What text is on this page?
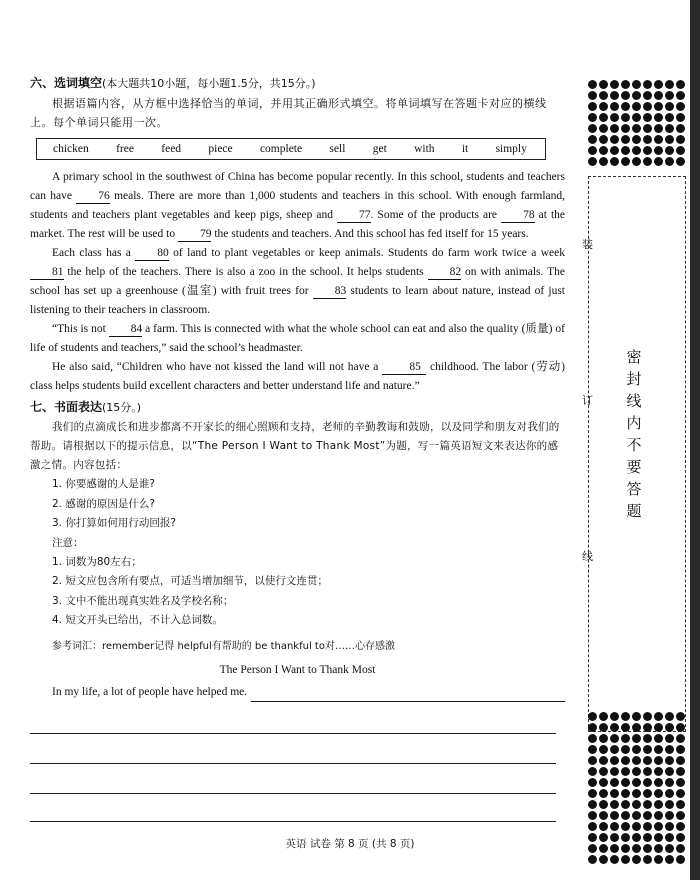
六、选词填空(本大题共10小题，每小题1.5分，共15分。)

根据语篇内容，从方框中选择恰当的单词，并用其正确形式填空。将单词填写在答题卡对应的横线上。每个单词只能用一次。

chicken free feed piece complete sell get with it simply

A primary school in the southwest of China has become popular recently. In this school, students and teachers can have 76 meals. There are more than 1,000 students and teachers in this school. With enough farmland, students and teachers plant vegetables and keep pigs, sheep and 77. Some of the products are 78 at the market. The rest will be used to 79 the students and teachers. And this school has fed itself for 15 years.

Each class has a 80 of land to plant vegetables or keep animals. Students do farm work twice a week 81 the help of the teachers. There is also a zoo in the school. It helps students 82 on with animals. The school has set up a greenhouse (温室) with fruit trees for 83 students to learn about nature, instead of just listening to their teachers in classroom.

“This is not 84 a farm. This is connected with what the whole school can eat and also the quality (质量) of life of students and teachers,” said the school’s headmaster.

He also said, “Children who have not kissed the land will not have a 85 childhood. The labor (劳动) class helps students build excellent characters and better understand life and nature.”

七、书面表达(15分。)

我们的点滴成长和进步都离不开家长的细心照顾和支持，老师的辛勤教诲和鼓励，以及同学和朋友对我们的帮助。请根据以下的提示信息，以“The Person I Want to Thank Most”为题，写一篇英语短文来表达你的感激之情。内容包括：

1. 你要感谢的人是谁?
2. 感谢的原因是什么?
3. 你打算如何用行动回报?
注意：
1. 词数为80左右；
2. 短文应包含所有要点，可适当增加细节，以使行文连贯；
3. 文中不能出现真实姓名及学校名称；
4. 短文开头已给出，不计入总词数。
参考词汇：remember记得 helpful有帮助的 be thankful to对……心存感激
The Person I Want to Thank Most
In my life, a lot of people have helped me.
英语 试卷 第 8 页 (共 8 页)
装
订
线
密
封
线
内
不
要
答
题
